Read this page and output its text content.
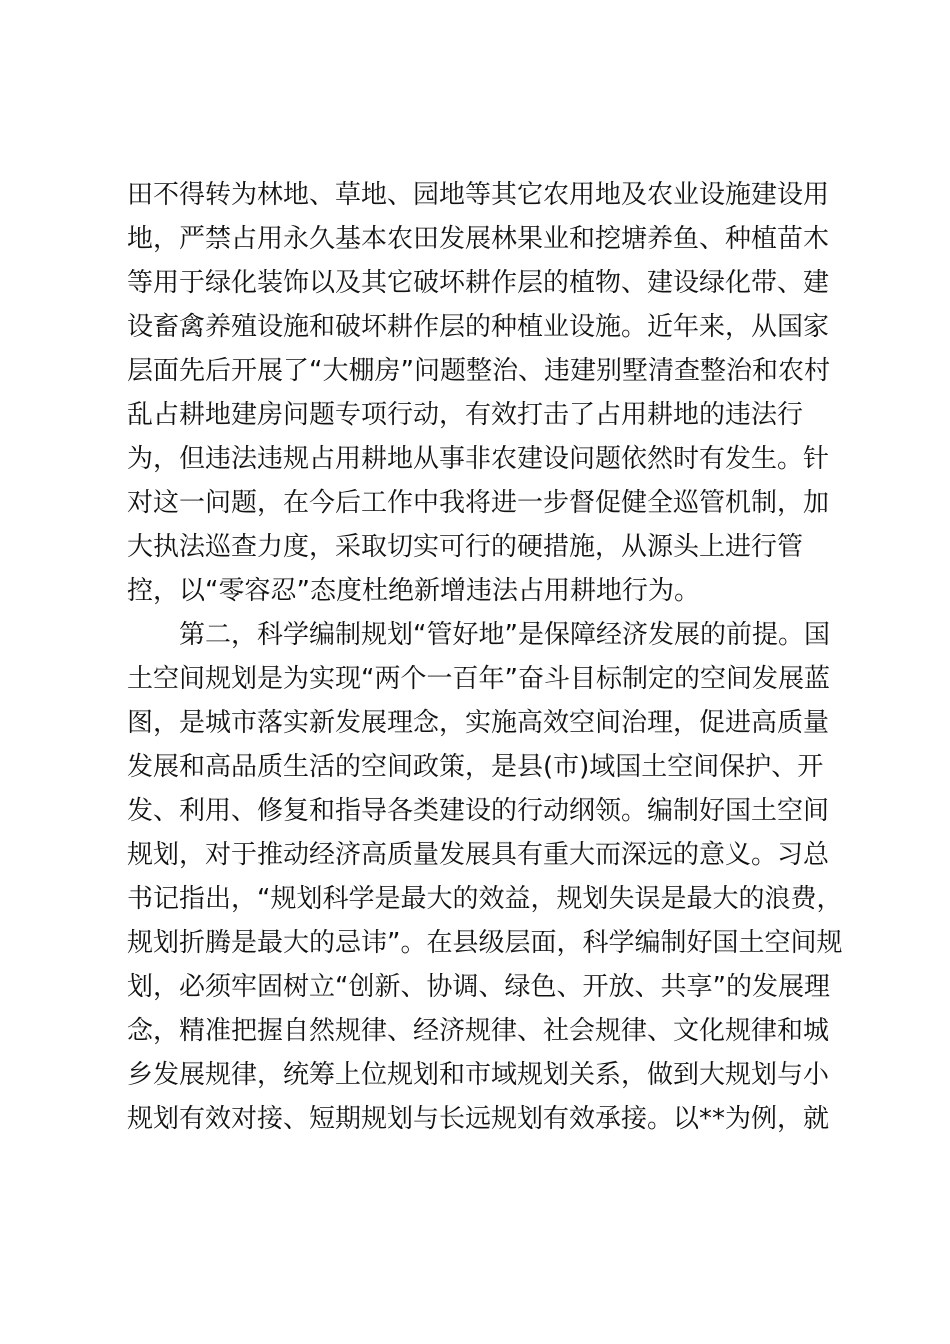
田不得转为林地、草地、园地等其它农用地及农业设施建设用
地，严禁占用永久基本农田发展林果业和挖塘养鱼、种植苗木
等用于绿化装饰以及其它破坏耕作层的植物、建设绿化带、建
设畜禽养殖设施和破坏耕作层的种植业设施。近年来，从国家
层面先后开展了“大棚房”问题整治、违建别墅清查整治和农村
乱占耕地建房问题专项行动，有效打击了占用耕地的违法行
为，但违法违规占用耕地从事非农建设问题依然时有发生。针
对这一问题，在今后工作中我将进一步督促健全巡管机制，加
大执法巡查力度，采取切实可行的硬措施，从源头上进行管
控，以“零容忍”态度杜绝新增违法占用耕地行为。
第二，科学编制规划“管好地”是保障经济发展的前提。国
土空间规划是为实现“两个一百年”奋斗目标制定的空间发展蓝
图，是城市落实新发展理念，实施高效空间治理，促进高质量
发展和高品质生活的空间政策，是县(市)域国土空间保护、开
发、利用、修复和指导各类建设的行动纲领。编制好国土空间
规划，对于推动经济高质量发展具有重大而深远的意义。习总
书记指出，“规划科学是最大的效益，规划失误是最大的浪费，
规划折腾是最大的忌讳”。在县级层面，科学编制好国土空间规
划，必须牢固树立“创新、协调、绿色、开放、共享”的发展理
念，精准把握自然规律、经济规律、社会规律、文化规律和城
乡发展规律，统筹上位规划和市域规划关系，做到大规划与小
规划有效对接、短期规划与长远规划有效承接。以**为例，就
